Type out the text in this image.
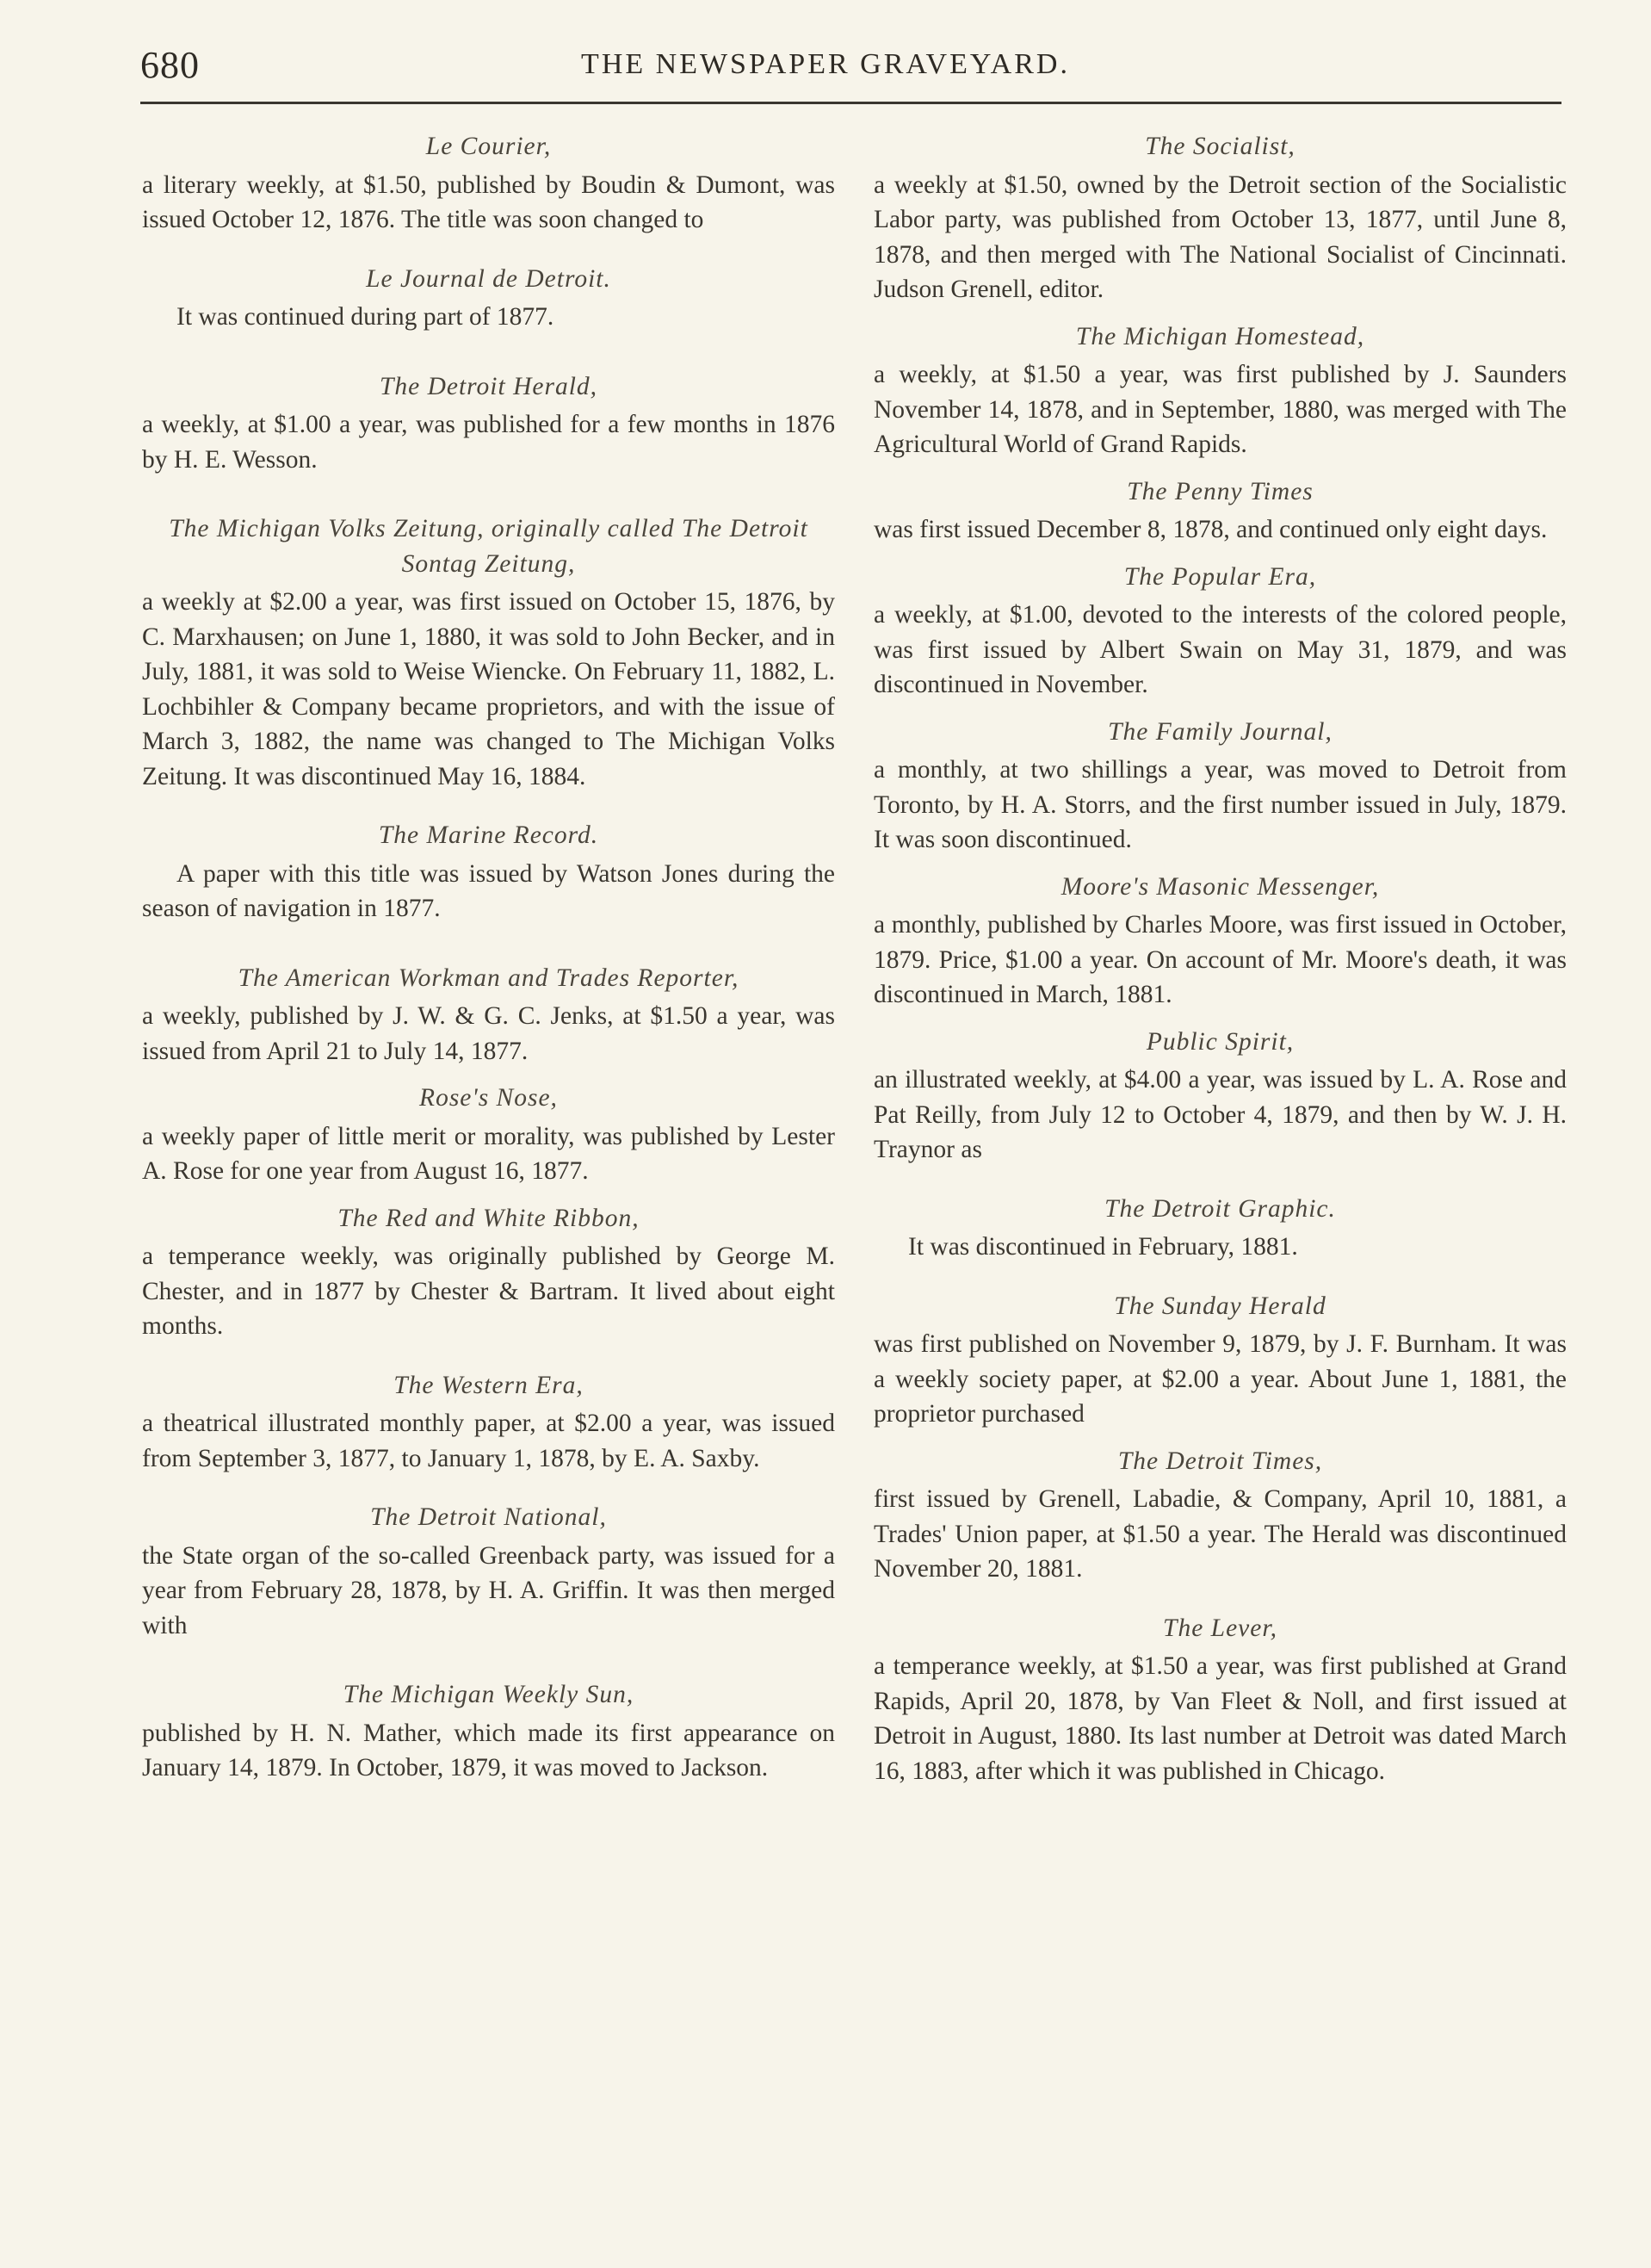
680	THE NEWSPAPER GRAVEYARD.
Le Courier,

a literary weekly, at $1.50, published by Boudin & Dumont, was issued October 12, 1876. The title was soon changed to

Le Journal de Detroit.

It was continued during part of 1877.

The Detroit Herald,

a weekly, at $1.00 a year, was published for a few months in 1876 by H. E. Wesson.

The Michigan Volks Zeitung, originally called The Detroit Sontag Zeitung,

a weekly at $2.00 a year, was first issued on October 15, 1876, by C. Marxhausen; on June 1, 1880, it was sold to John Becker, and in July, 1881, it was sold to Weise Wiencke. On February 11, 1882, L. Lochbihler & Company became proprietors, and with the issue of March 3, 1882, the name was changed to The Michigan Volks Zeitung. It was discontinued May 16, 1884.

The Marine Record.

A paper with this title was issued by Watson Jones during the season of navigation in 1877.

The American Workman and Trades Reporter,

a weekly, published by J. W. & G. C. Jenks, at $1.50 a year, was issued from April 21 to July 14, 1877.

Rose's Nose,

a weekly paper of little merit or morality, was published by Lester A. Rose for one year from August 16, 1877.

The Red and White Ribbon,

a temperance weekly, was originally published by George M. Chester, and in 1877 by Chester & Bartram. It lived about eight months.

The Western Era,

a theatrical illustrated monthly paper, at $2.00 a year, was issued from September 3, 1877, to January 1, 1878, by E. A. Saxby.

The Detroit National,

the State organ of the so-called Greenback party, was issued for a year from February 28, 1878, by H. A. Griffin. It was then merged with

The Michigan Weekly Sun,

published by H. N. Mather, which made its first appearance on January 14, 1879. In October, 1879, it was moved to Jackson.

The Socialist,

a weekly at $1.50, owned by the Detroit section of the Socialistic Labor party, was published from October 13, 1877, until June 8, 1878, and then merged with The National Socialist of Cincinnati. Judson Grenell, editor.

The Michigan Homestead,

a weekly, at $1.50 a year, was first published by J. Saunders November 14, 1878, and in September, 1880, was merged with The Agricultural World of Grand Rapids.

The Penny Times

was first issued December 8, 1878, and continued only eight days.

The Popular Era,

a weekly, at $1.00, devoted to the interests of the colored people, was first issued by Albert Swain on May 31, 1879, and was discontinued in November.

The Family Journal,

a monthly, at two shillings a year, was moved to Detroit from Toronto, by H. A. Storrs, and the first number issued in July, 1879. It was soon discontinued.

Moore's Masonic Messenger,

a monthly, published by Charles Moore, was first issued in October, 1879. Price, $1.00 a year. On account of Mr. Moore's death, it was discontinued in March, 1881.

Public Spirit,

an illustrated weekly, at $4.00 a year, was issued by L. A. Rose and Pat Reilly, from July 12 to October 4, 1879, and then by W. J. H. Traynor as

The Detroit Graphic.

It was discontinued in February, 1881.

The Sunday Herald

was first published on November 9, 1879, by J. F. Burnham. It was a weekly society paper, at $2.00 a year. About June 1, 1881, the proprietor purchased

The Detroit Times,

first issued by Grenell, Labadie, & Company, April 10, 1881, a Trades' Union paper, at $1.50 a year. The Herald was discontinued November 20, 1881.

The Lever,

a temperance weekly, at $1.50 a year, was first published at Grand Rapids, April 20, 1878, by Van Fleet & Noll, and first issued at Detroit in August, 1880. Its last number at Detroit was dated March 16, 1883, after which it was published in Chicago.
